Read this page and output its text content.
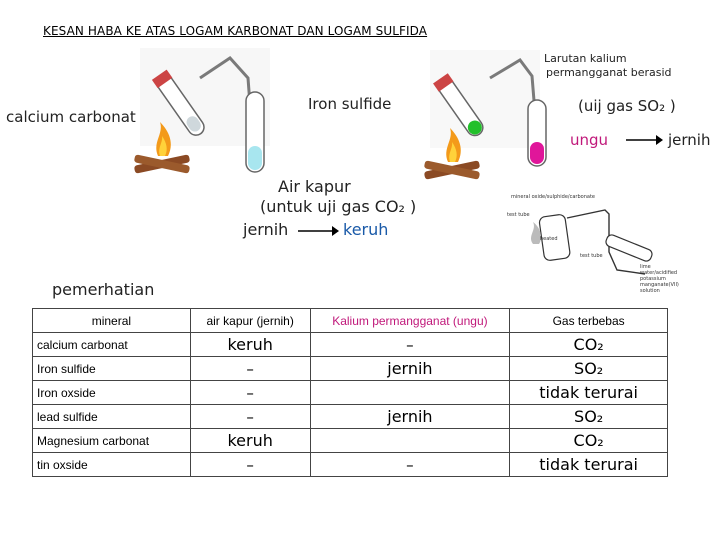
KESAN HABA KE ATAS LOGAM KARBONAT DAN LOGAM SULFIDA
calcium carbonat
Iron sulfide
Larutan kalium
permangganat berasid
(uij gas SO₂ )
ungu	jernih
Air kapur
(untuk uji gas CO₂ )
jernih	keruh
mineral oxide/sulphide/carbonate
test tube
heated
test tube
lime water/acidified potassium manganate(VII) solution
pemerhatian
mineral	air kapur (jernih)	Kalium permangganat (ungu)	Gas terbebas
calcium carbonat	keruh	–	CO₂
Iron sulfide	–	jernih	SO₂
Iron oxside	–		tidak terurai
lead sulfide	–	jernih	SO₂
Magnesium carbonat	keruh		CO₂
tin oxside	–	–	tidak terurai
